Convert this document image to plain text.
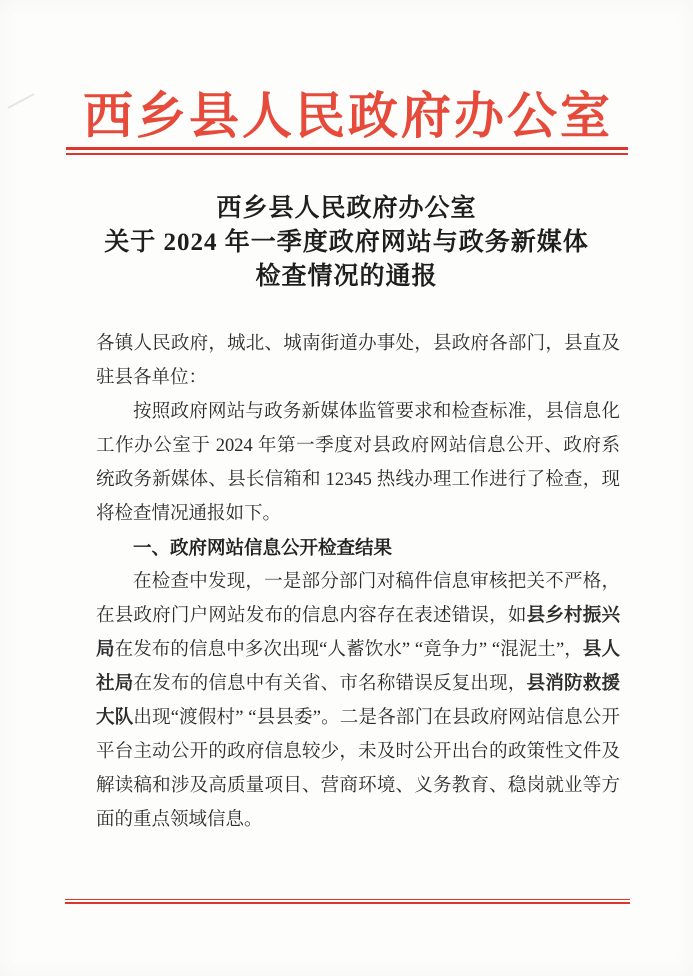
西乡县人民政府办公室
西乡县人民政府办公室
关于 2024 年一季度政府网站与政务新媒体
检查情况的通报

各镇人民政府，城北、城南街道办事处，县政府各部门，县直及驻县各单位：

按照政府网站与政务新媒体监管要求和检查标准，县信息化工作办公室于 2024 年第一季度对县政府网站信息公开、政府系统政务新媒体、县长信箱和 12345 热线办理工作进行了检查，现将检查情况通报如下。

一、政府网站信息公开检查结果

在检查中发现，一是部分部门对稿件信息审核把关不严格，在县政府门户网站发布的信息内容存在表述错误，如县乡村振兴局在发布的信息中多次出现“人蓄饮水” “竟争力” “混泥土”，县人社局在发布的信息中有关省、市名称错误反复出现，县消防救援大队出现“渡假村” “县县委”。二是各部门在县政府网站信息公开平台主动公开的政府信息较少，未及时公开出台的政策性文件及解读稿和涉及高质量项目、营商环境、义务教育、稳岗就业等方面的重点领域信息。
